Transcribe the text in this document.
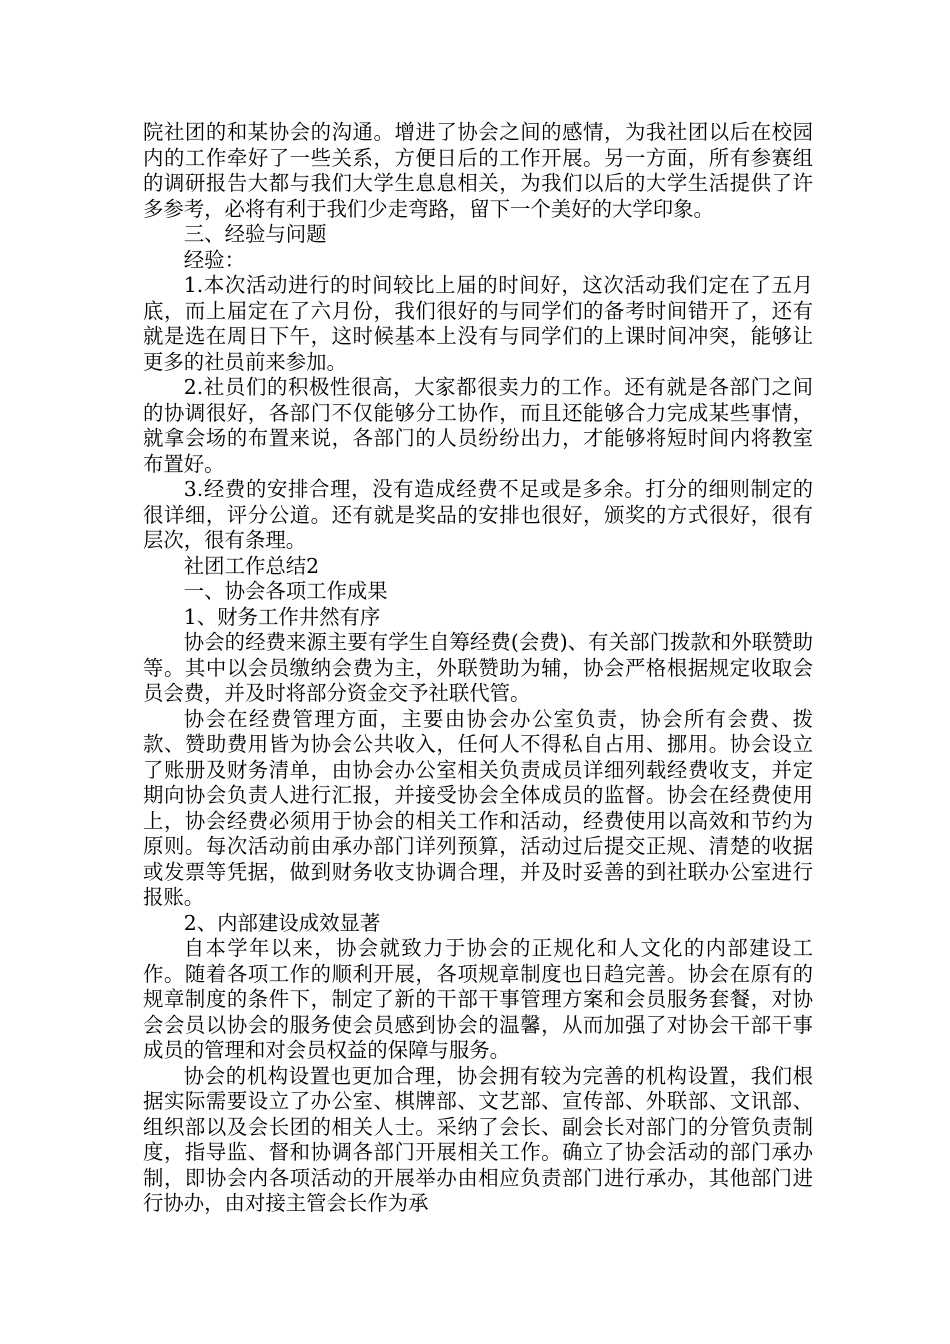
院社团的和某协会的沟通。增进了协会之间的感情，为我社团以后在校园内的工作牵好了一些关系，方便日后的工作开展。另一方面，所有参赛组的调研报告大都与我们大学生息息相关，为我们以后的大学生活提供了许多参考，必将有利于我们少走弯路，留下一个美好的大学印象。

三、经验与问题

经验：

1.本次活动进行的时间较比上届的时间好，这次活动我们定在了五月底，而上届定在了六月份，我们很好的与同学们的备考时间错开了，还有就是选在周日下午，这时候基本上没有与同学们的上课时间冲突，能够让更多的社员前来参加。

2.社员们的积极性很高，大家都很卖力的工作。还有就是各部门之间的协调很好，各部门不仅能够分工协作，而且还能够合力完成某些事情，就拿会场的布置来说，各部门的人员纷纷出力，才能够将短时间内将教室布置好。

3.经费的安排合理，没有造成经费不足或是多余。打分的细则制定的很详细，评分公道。还有就是奖品的安排也很好，颁奖的方式很好，很有层次，很有条理。

社团工作总结2

一、协会各项工作成果

1、财务工作井然有序

协会的经费来源主要有学生自筹经费(会费)、有关部门拨款和外联赞助等。其中以会员缴纳会费为主，外联赞助为辅，协会严格根据规定收取会员会费，并及时将部分资金交予社联代管。

协会在经费管理方面，主要由协会办公室负责，协会所有会费、拨款、赞助费用皆为协会公共收入，任何人不得私自占用、挪用。协会设立了账册及财务清单，由协会办公室相关负责成员详细列载经费收支，并定期向协会负责人进行汇报，并接受协会全体成员的监督。协会在经费使用上，协会经费必须用于协会的相关工作和活动，经费使用以高效和节约为原则。每次活动前由承办部门详列预算，活动过后提交正规、清楚的收据或发票等凭据，做到财务收支协调合理，并及时妥善的到社联办公室进行报账。

2、内部建设成效显著

自本学年以来，协会就致力于协会的正规化和人文化的内部建设工作。随着各项工作的顺利开展，各项规章制度也日趋完善。协会在原有的规章制度的条件下，制定了新的干部干事管理方案和会员服务套餐，对协会会员以协会的服务使会员感到协会的温馨，从而加强了对协会干部干事成员的管理和对会员权益的保障与服务。

协会的机构设置也更加合理，协会拥有较为完善的机构设置，我们根据实际需要设立了办公室、棋牌部、文艺部、宣传部、外联部、文讯部、组织部以及会长团的相关人士。采纳了会长、副会长对部门的分管负责制度，指导监、督和协调各部门开展相关工作。确立了协会活动的部门承办制，即协会内各项活动的开展举办由相应负责部门进行承办，其他部门进行协办，由对接主管会长作为承
